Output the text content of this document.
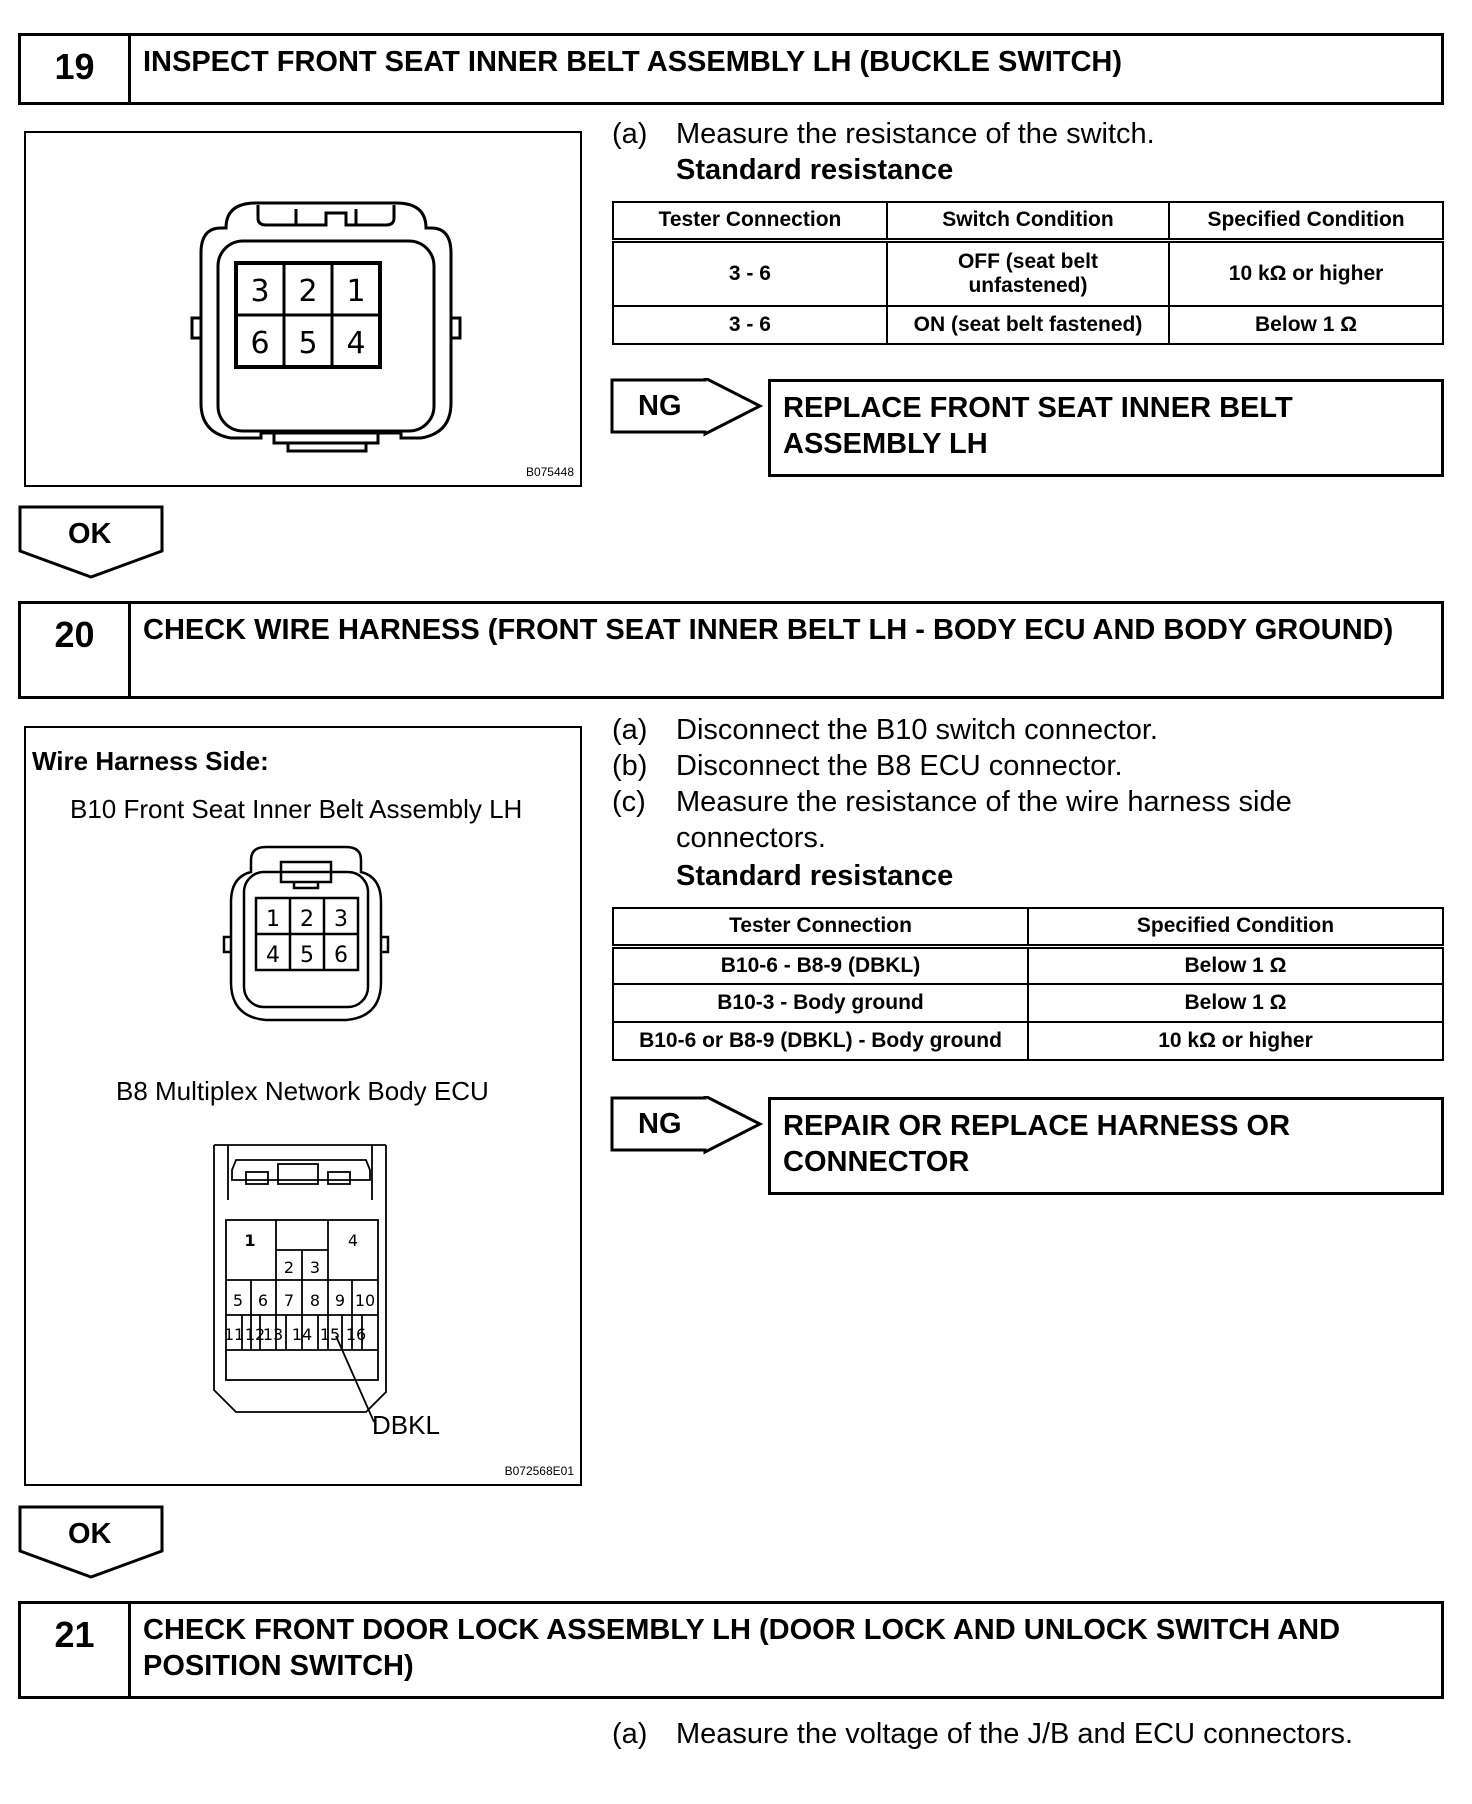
19	INSPECT FRONT SEAT INNER BELT ASSEMBLY LH (BUCKLE SWITCH)
3 2 1
6 5 4
B075448
(a) Measure the resistance of the switch.
Standard resistance
Tester Connection	Switch Condition	Specified Condition
3 - 6	OFF (seat belt unfastened)	10 kΩ or higher
3 - 6	ON (seat belt fastened)	Below 1 Ω
NG	REPLACE FRONT SEAT INNER BELT ASSEMBLY LH
OK
20	CHECK WIRE HARNESS (FRONT SEAT INNER BELT LH - BODY ECU AND BODY GROUND)
Wire Harness Side:
B10 Front Seat Inner Belt Assembly LH
1 2 3
4 5 6
B8 Multiplex Network Body ECU
1
2 3
4
5 6 7 8 9 10
11 12
13 14 15 16
DBKL
B072568E01
(a) Disconnect the B10 switch connector.
(b) Disconnect the B8 ECU connector.
(c)	Measure the resistance of the wire harness side connectors.
Standard resistance
Tester Connection	Specified Condition
B10-6 - B8-9 (DBKL)	Below 1 Ω
B10-3 - Body ground	Below 1 Ω
B10-6 or B8-9 (DBKL) - Body ground	10 kΩ or higher
NG	REPAIR OR REPLACE HARNESS OR CONNECTOR
OK
21	CHECK FRONT DOOR LOCK ASSEMBLY LH (DOOR LOCK AND UNLOCK SWITCH AND POSITION SWITCH)
(a) Measure the voltage of the J/B and ECU connectors.
